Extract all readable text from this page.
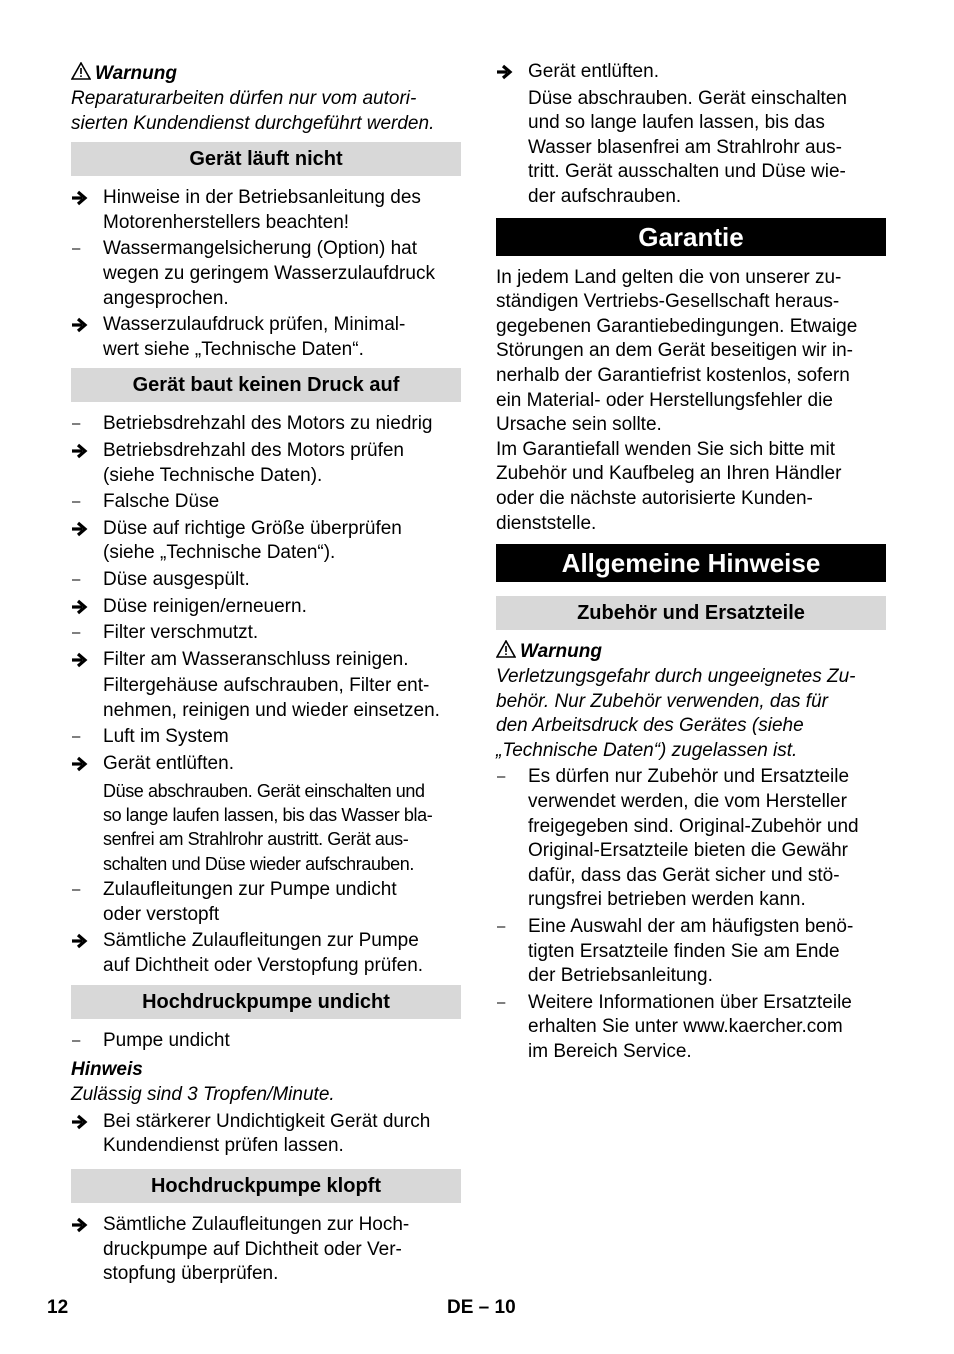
Warnung
Reparaturarbeiten dürfen nur vom autori-
sierten Kundendienst durchgeführt werden.
Gerät läuft nicht
Hinweise in der Betriebsanleitung des
Motorenherstellers beachten!
–	Wassermangelsicherung (Option) hat
wegen zu geringem Wasserzulaufdruck
angesprochen.
Wasserzulaufdruck prüfen, Minimal-
wert siehe „Technische Daten“.
Gerät baut keinen Druck auf
–	Betriebsdrehzahl des Motors zu niedrig
Betriebsdrehzahl des Motors prüfen
(siehe Technische Daten).
–	Falsche Düse
Düse auf richtige Größe überprüfen
(siehe „Technische Daten“).
–	Düse ausgespült.
Düse reinigen/erneuern.
–	Filter verschmutzt.
Filter am Wasseranschluss reinigen.
Filtergehäuse aufschrauben, Filter ent-
nehmen, reinigen und wieder einsetzen.
–	Luft im System
Gerät entlüften.
Düse abschrauben. Gerät einschalten und
so lange laufen lassen, bis das Wasser bla-
senfrei am Strahlrohr austritt. Gerät aus-
schalten und Düse wieder aufschrauben.
–	Zulaufleitungen zur Pumpe undicht
oder verstopft
Sämtliche Zulaufleitungen zur Pumpe
auf Dichtheit oder Verstopfung prüfen.
Hochdruckpumpe undicht
–	Pumpe undicht
Hinweis
Zulässig sind 3 Tropfen/Minute.
Bei stärkerer Undichtigkeit Gerät durch
Kundendienst prüfen lassen.
Hochdruckpumpe klopft
Sämtliche Zulaufleitungen zur Hoch-
druckpumpe auf Dichtheit oder Ver-
stopfung überprüfen.
Gerät entlüften.
Düse abschrauben. Gerät einschalten
und so lange laufen lassen, bis das
Wasser blasenfrei am Strahlrohr aus-
tritt. Gerät ausschalten und Düse wie-
der aufschrauben.
Garantie
In jedem Land gelten die von unserer zu-
ständigen Vertriebs-Gesellschaft heraus-
gegebenen Garantiebedingungen. Etwaige
Störungen an dem Gerät beseitigen wir in-
nerhalb der Garantiefrist kostenlos, sofern
ein Material- oder Herstellungsfehler die
Ursache sein sollte.
Im Garantiefall wenden Sie sich bitte mit
Zubehör und Kaufbeleg an Ihren Händler
oder die nächste autorisierte Kunden-
dienststelle.
Allgemeine Hinweise
Zubehör und Ersatzteile
Warnung
Verletzungsgefahr durch ungeeignetes Zu-
behör. Nur Zubehör verwenden, das für
den Arbeitsdruck des Gerätes (siehe
„Technische Daten“) zugelassen ist.
–	Es dürfen nur Zubehör und Ersatzteile
verwendet werden, die vom Hersteller
freigegeben sind. Original-Zubehör und
Original-Ersatzteile bieten die Gewähr
dafür, dass das Gerät sicher und stö-
rungsfrei betrieben werden kann.
–	Eine Auswahl der am häufigsten benö-
tigten Ersatzteile finden Sie am Ende
der Betriebsanleitung.
–	Weitere Informationen über Ersatzteile
erhalten Sie unter www.kaercher.com
im Bereich Service.
12	DE – 10
